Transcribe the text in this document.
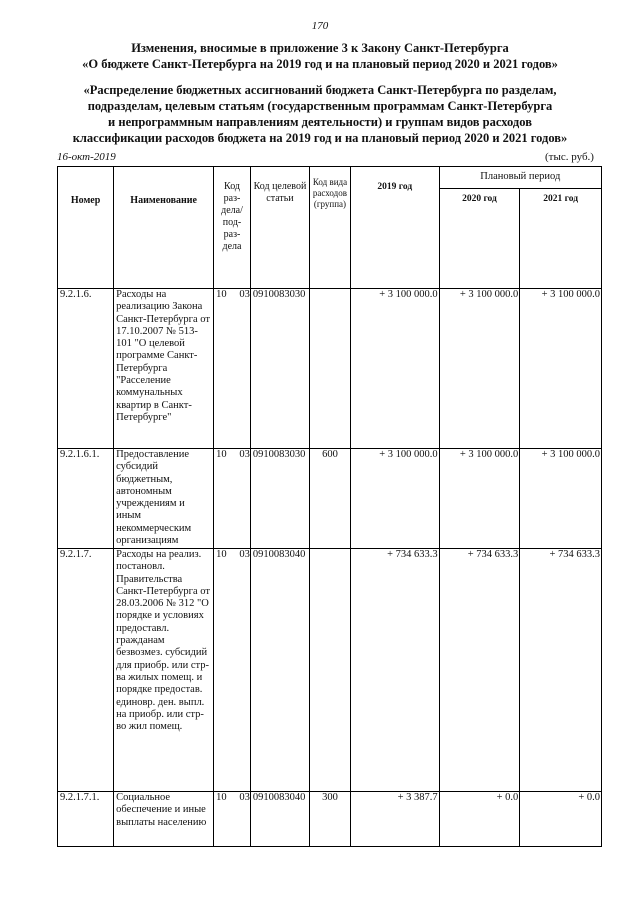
170
Изменения, вносимые в приложение 3 к Закону Санкт-Петербурга
«О бюджете Санкт-Петербурга на 2019 год и на плановый период 2020 и 2021 годов»
«Распределение бюджетных ассигнований бюджета Санкт-Петербурга по разделам,
подразделам, целевым статьям (государственным программам Санкт-Петербурга
и непрограммным направлениям деятельности) и группам видов расходов
классификации расходов бюджета на 2019 год и на плановый период 2020 и 2021 годов»
16-окт-2019	(тыс. руб.)
Номер	Наименование	Код раз-дела/ под-раз-дела		Код целевой статьи	Код вида расходов (группа)	2019 год	Плановый период	
							2020 год	2021 год
9.2.1.6.	Расходы на реализацию Закона Санкт-Петербурга от 17.10.2007 № 513-101 "О целевой программе Санкт-Петербурга "Расселение коммунальных квартир в Санкт-Петербурге"	10	03	0910083030		+ 3 100 000.0	+ 3 100 000.0	+ 3 100 000.0
9.2.1.6.1.	Предоставление субсидий бюджетным, автономным учреждениям и иным некоммерческим организациям	10	03	0910083030	600	+ 3 100 000.0	+ 3 100 000.0	+ 3 100 000.0
9.2.1.7.	Расходы на реализ. постановл. Правительства Санкт-Петербурга от 28.03.2006 № 312 "О порядке и условиях предоставл. гражданам безвозмез. субсидий для приобр. или стр-ва жилых помещ. и порядке предостав. единовр. ден. выпл. на приобр. или стр-во жил помещ.	10	03	0910083040		+ 734 633.3	+ 734 633.3	+ 734 633.3
9.2.1.7.1.	Социальное обеспечение и иные выплаты населению	10	03	0910083040	300	+ 3 387.7	+ 0.0	+ 0.0
